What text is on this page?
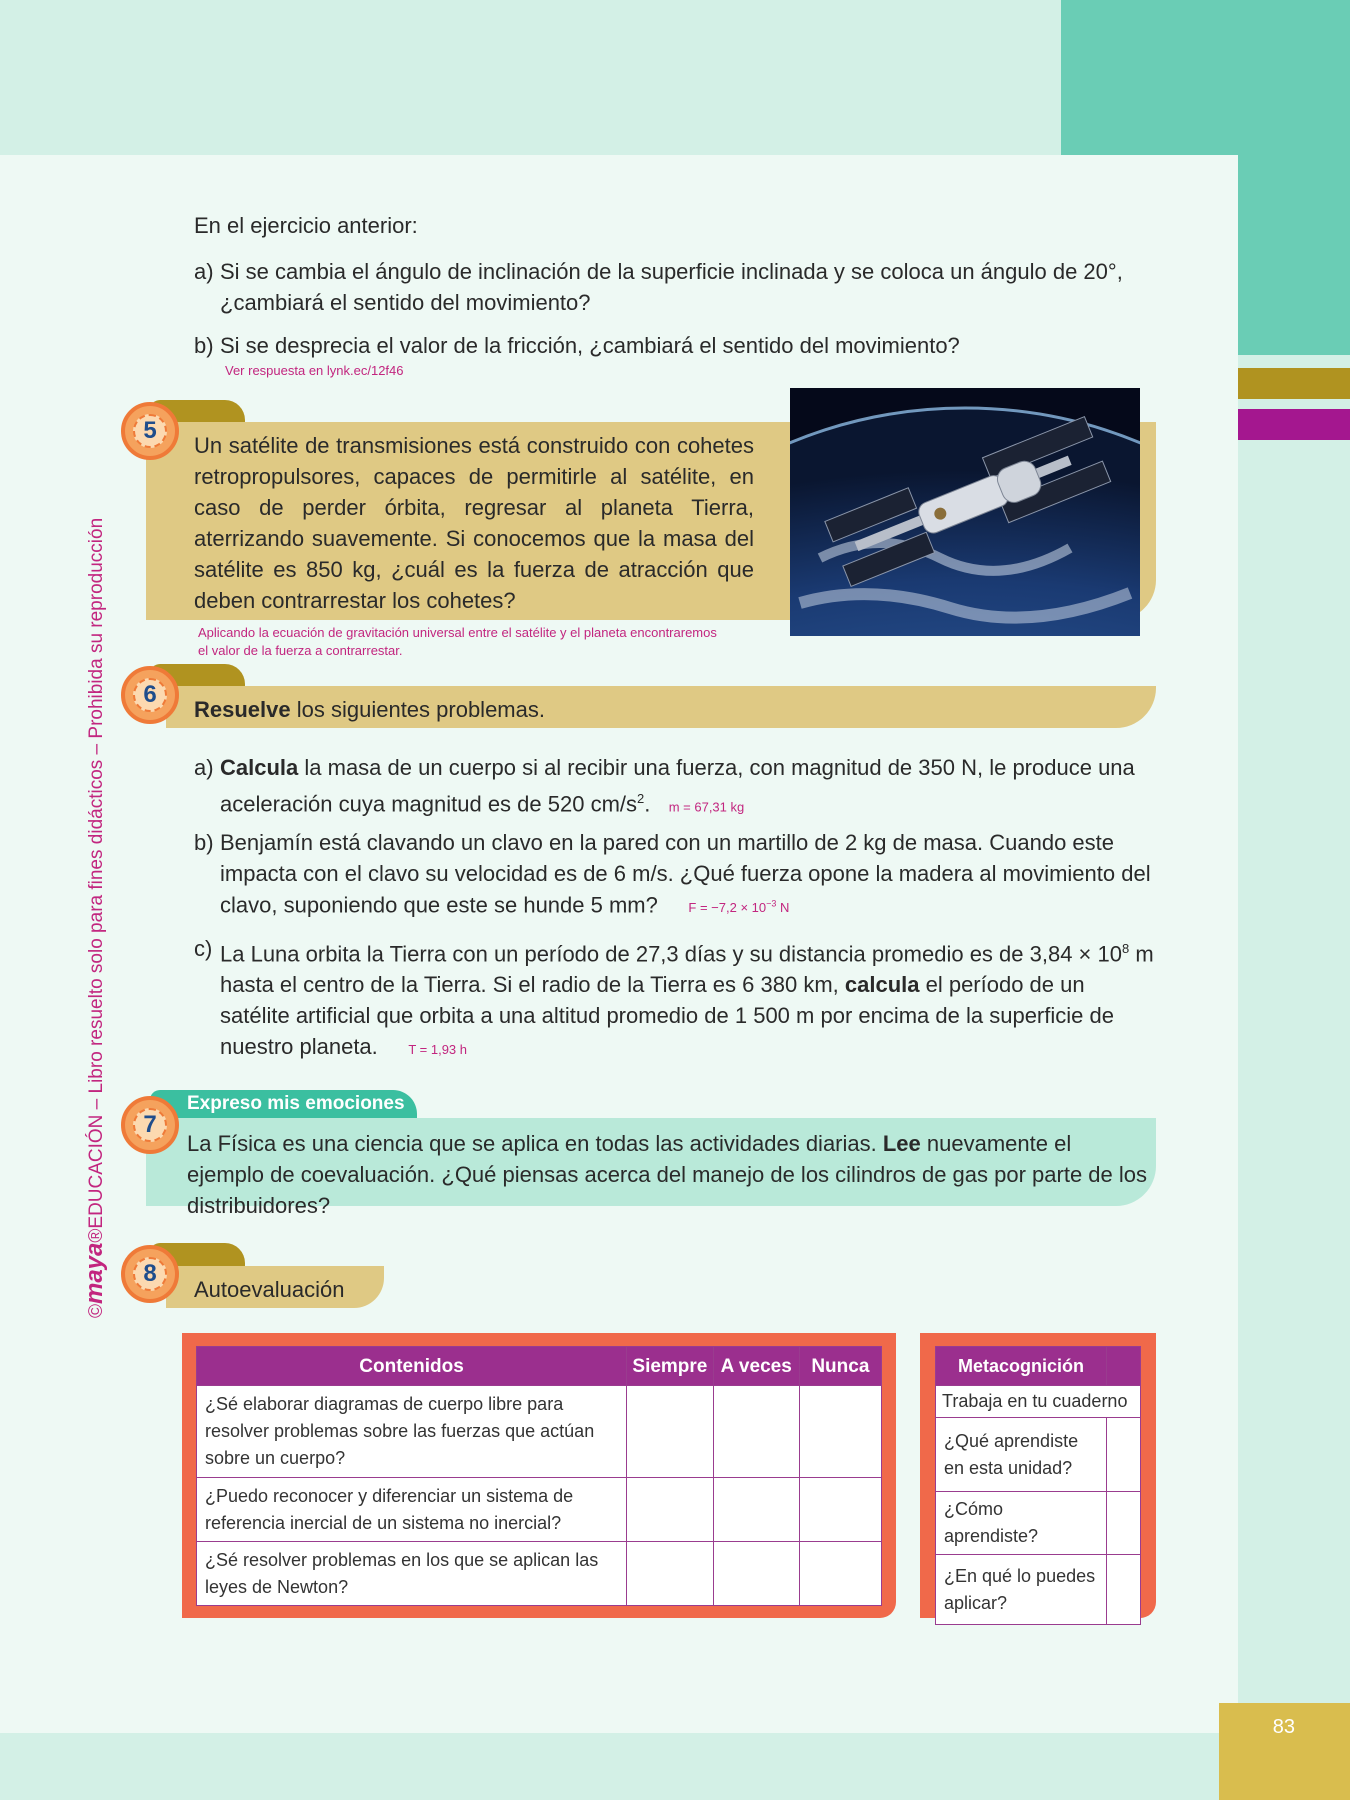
83
©maya®EDUCACIÓN – Libro resuelto solo para fines didácticos – Prohibida su reproducción
En el ejercicio anterior:
a) Si se cambia el ángulo de inclinación de la superficie inclinada y se coloca un ángulo de 20°, ¿cambiará el sentido del movimiento?
b) Si se desprecia el valor de la fricción, ¿cambiará el sentido del movimiento?
Ver respuesta en lynk.ec/12f46
5
Un satélite de transmisiones está construido con cohetes retropropulsores, capaces de permitirle al satélite, en caso de perder órbita, regresar al planeta Tierra, aterrizando suavemente. Si conocemos que la masa del satélite es 850 kg, ¿cuál es la fuerza de atracción que deben contrarrestar los cohetes?
Aplicando la ecuación de gravitación universal entre el satélite y el planeta encontraremos
el valor de la fuerza a contrarrestar.
6
Resuelve los siguientes problemas.
a) Calcula la masa de un cuerpo si al recibir una fuerza, con magnitud de 350 N, le produce una aceleración cuya magnitud es de 520 $cm/s^2$. m = 67,31 kg
b) Benjamín está clavando un clavo en la pared con un martillo de 2 kg de masa. Cuando este impacta con el clavo su velocidad es de 6 m/s. ¿Qué fuerza opone la madera al movimiento del clavo, suponiendo que este se hunde 5 mm? $F = -7,2 \times 10^{-3}$ N
c) La Luna orbita la Tierra con un período de 27,3 días y su distancia promedio es de $3,84 \times 10^8$ m hasta el centro de la Tierra. Si el radio de la Tierra es 6 380 km, calcula el período de un satélite artificial que orbita a una altitud promedio de 1 500 m por encima de la superficie de nuestro planeta. T = 1,93 h
Expreso mis emociones
7
La Física es una ciencia que se aplica en todas las actividades diarias. Lee nuevamente el ejemplo de coevaluación. ¿Qué piensas acerca del manejo de los cilindros de gas por parte de los distribuidores?
8
Autoevaluación
Contenidos	Siempre	A veces	Nunca
¿Sé elaborar diagramas de cuerpo libre para resolver problemas sobre las fuerzas que actúan sobre un cuerpo?			
¿Puedo reconocer y diferenciar un sistema de referencia inercial de un sistema no inercial?			
¿Sé resolver problemas en los que se aplican las leyes de Newton?			
Metacognición	
Trabaja en tu cuaderno	
¿Qué aprendiste en esta unidad?	
¿Cómo aprendiste?	
¿En qué lo puedes aplicar?	
